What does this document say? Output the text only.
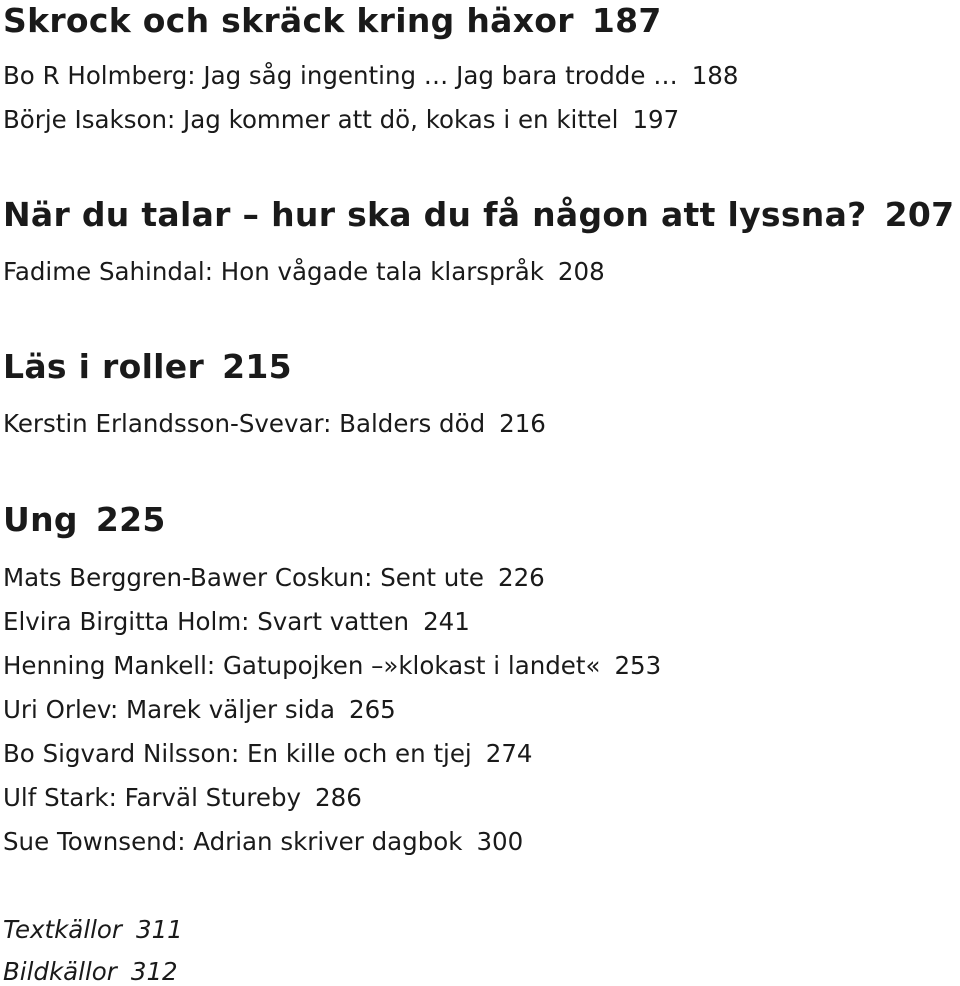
Skrock och skräck kring häxor 187
Bo R Holmberg: Jag såg ingenting … Jag bara trodde … 188
Börje Isakson: Jag kommer att dö, kokas i en kittel 197
När du talar – hur ska du få någon att lyssna? 207
Fadime Sahindal: Hon vågade tala klarspråk 208
Läs i roller 215
Kerstin Erlandsson-Svevar: Balders död 216
Ung 225
Mats Berggren-Bawer Coskun: Sent ute 226
Elvira Birgitta Holm: Svart vatten 241
Henning Mankell: Gatupojken –»klokast i landet« 253
Uri Orlev: Marek väljer sida 265
Bo Sigvard Nilsson: En kille och en tjej 274
Ulf Stark: Farväl Stureby 286
Sue Townsend: Adrian skriver dagbok 300
Textkällor 311
Bildkällor 312
